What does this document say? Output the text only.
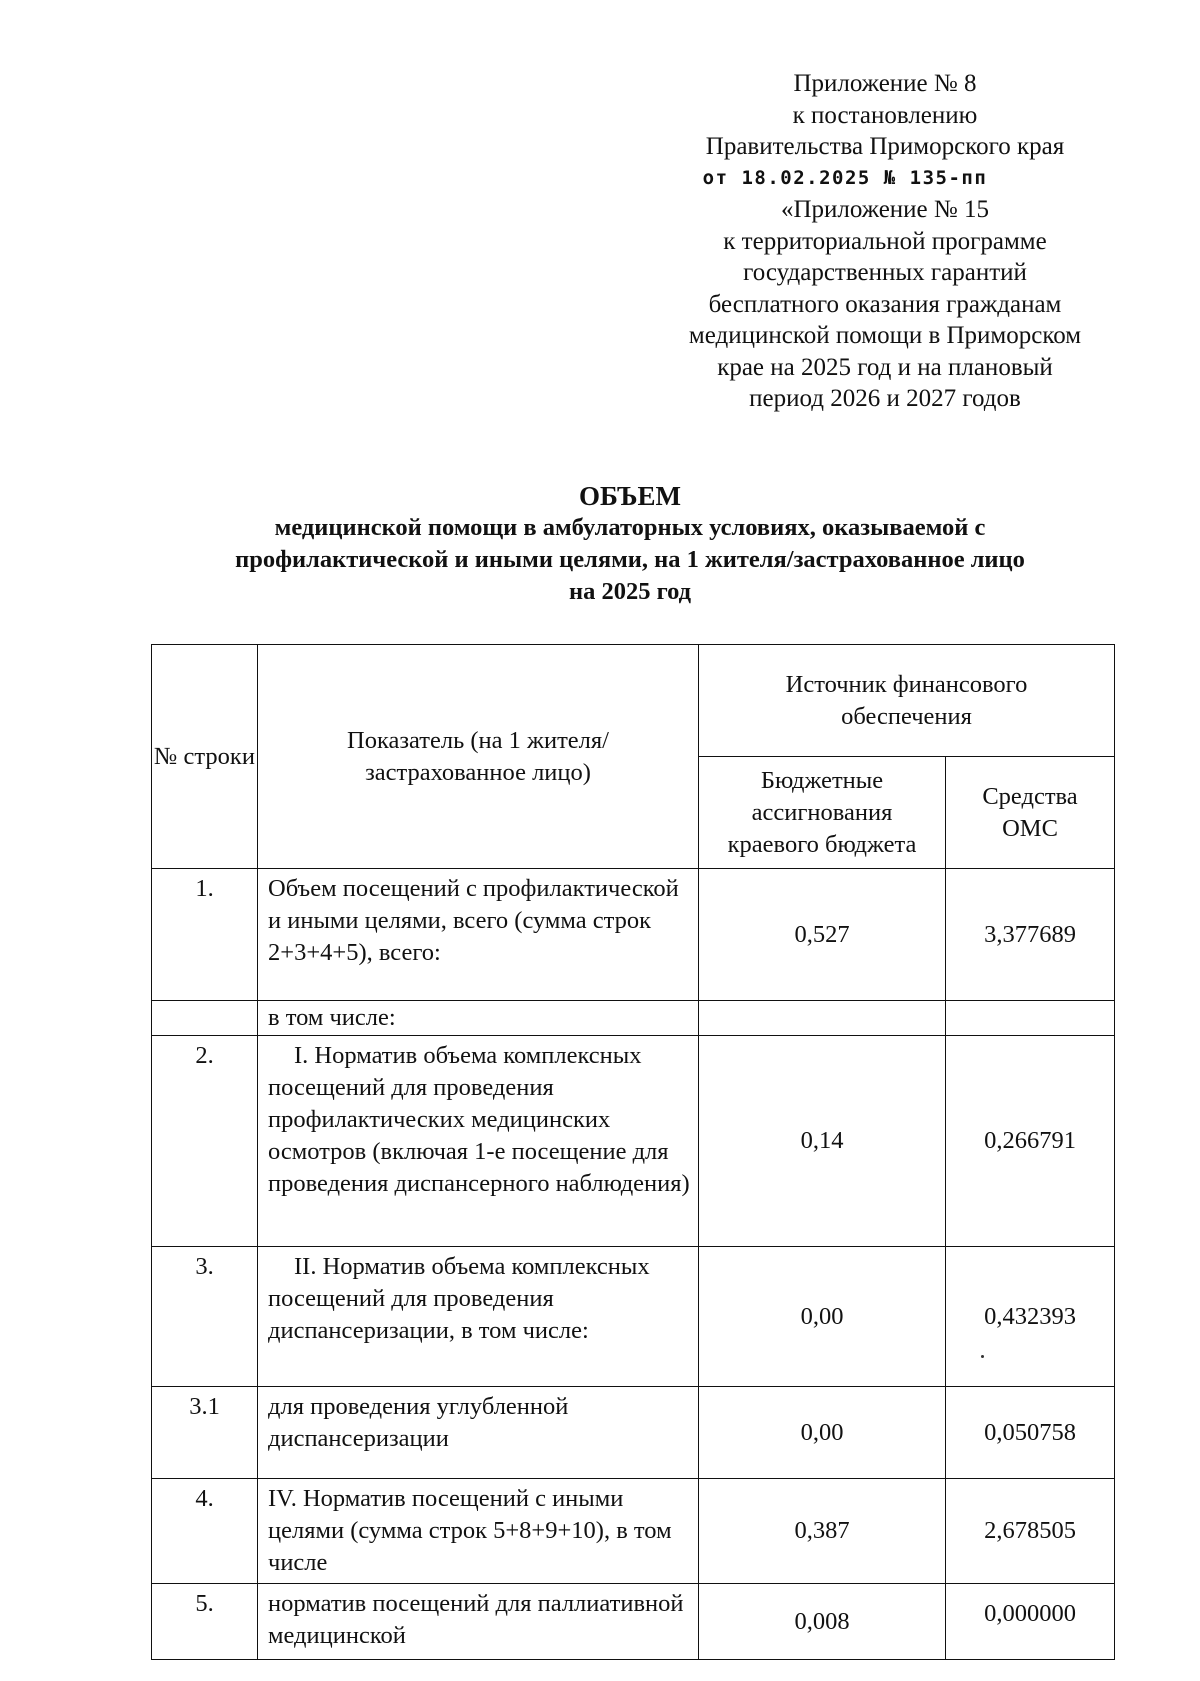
Приложение № 8
к постановлению
Правительства Приморского края
от 18.02.2025 № 135-пп
«Приложение № 15
к территориальной программе
государственных гарантий
бесплатного оказания гражданам
медицинской помощи в Приморском
крае на 2025 год и на плановый
период 2026 и 2027 годов
ОБЪЕМ
медицинской помощи в амбулаторных условиях, оказываемой с
профилактической и иными целями, на 1 жителя/застрахованное лицо
на 2025 год
№ строки	Показатель (на 1 жителя/застрахованное лицо)	Источник финансового обеспечения	
		Бюджетные ассигнования краевого бюджета	Средства ОМС
1.	Объем посещений с профилактической и иными целями, всего (сумма строк 2+3+4+5), всего:	0,527	3,377689
	в том числе:		
2.	I. Норматив объема комплексных посещений для проведения профилактических медицинских осмотров (включая 1-е посещение для проведения диспансерного наблюдения)	0,14	0,266791
3.	II. Норматив объема комплексных посещений для проведения диспансеризации, в том числе:	0,00	0,432393
3.1	для проведения углубленной диспансеризации	0,00	0,050758
4.	IV. Норматив посещений с иными целями (сумма строк 5+8+9+10), в том числе	0,387	2,678505
5.	норматив посещений для паллиативной медицинской	0,008	0,000000
